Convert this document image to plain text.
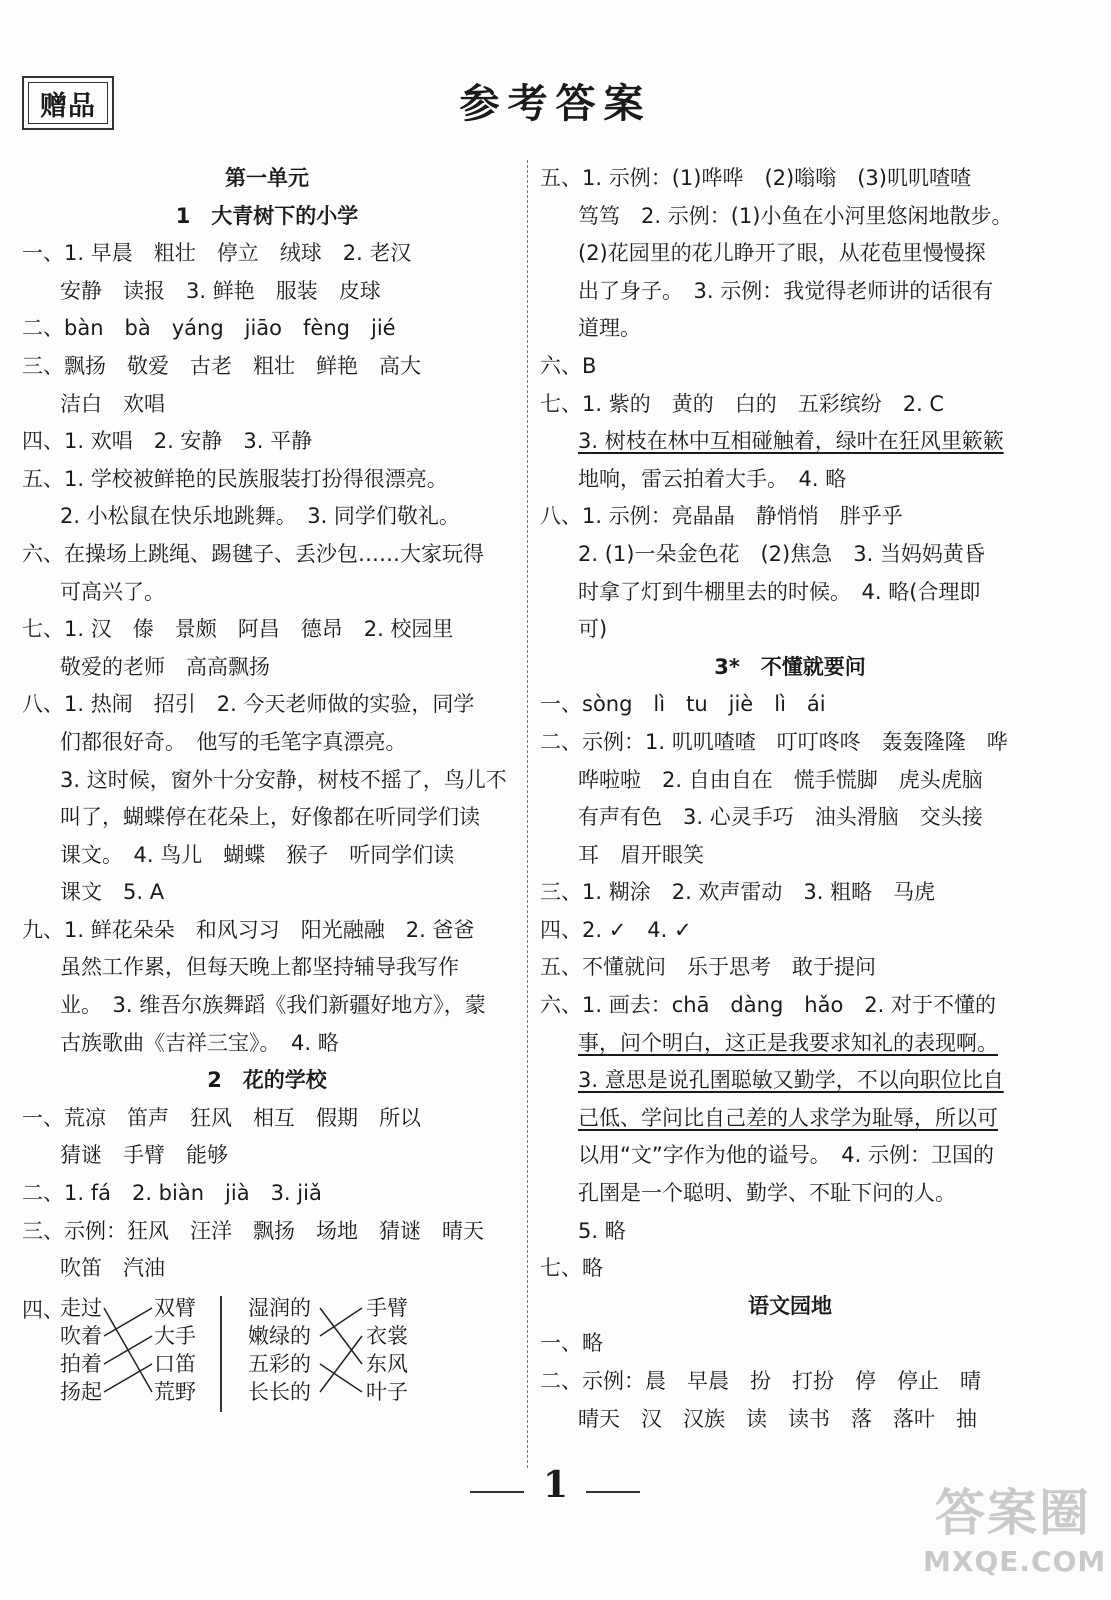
赠品	参考答案
第一单元
1　大青树下的小学
一、1. 早晨　粗壮　停立　绒球　2. 老汉
安静　读报　3. 鲜艳　服装　皮球
二、bàn　bà　yáng　jiāo　fèng　jié
三、飘扬　敬爱　古老　粗壮　鲜艳　高大
洁白　欢唱
四、1. 欢唱　2. 安静　3. 平静
五、1. 学校被鲜艳的民族服装打扮得很漂亮。
2. 小松鼠在快乐地跳舞。　3. 同学们敬礼。
六、在操场上跳绳、踢毽子、丢沙包……大家玩得
可高兴了。
七、1. 汉　傣　景颇　阿昌　德昂　2. 校园里
敬爱的老师　高高飘扬
八、1. 热闹　招引　2. 今天老师做的实验，同学
们都很好奇。　他写的毛笔字真漂亮。
3. 这时候，窗外十分安静，树枝不摇了，鸟儿不
叫了，蝴蝶停在花朵上，好像都在听同学们读
课文。　4. 鸟儿　蝴蝶　猴子　听同学们读
课文　5. A
九、1. 鲜花朵朵　和风习习　阳光融融　2. 爸爸
虽然工作累，但每天晚上都坚持辅导我写作
业。　3. 维吾尔族舞蹈《我们新疆好地方》，蒙
古族歌曲《吉祥三宝》。　4. 略
2　花的学校
一、荒凉　笛声　狂风　相互　假期　所以
猜谜　手臂　能够
二、1. fá　2. biàn　jià　3. jiǎ
三、示例：狂风　汪洋　飘扬　场地　猜谜　晴天
吹笛　汽油
四、
走过
吹着
拍着
扬起
双臂
大手
口笛
荒野
湿润的
嫩绿的
五彩的
长长的
手臂
衣裳
东风
叶子
五、1. 示例：(1)哗哗　(2)嗡嗡　(3)叽叽喳喳
笃笃　2. 示例：(1)小鱼在小河里悠闲地散步。
(2)花园里的花儿睁开了眼，从花苞里慢慢探
出了身子。　3. 示例：我觉得老师讲的话很有
道理。
六、B
七、1. 紫的　黄的　白的　五彩缤纷　2. C
3. 树枝在林中互相碰触着，绿叶在狂风里簌簌
地响，雷云拍着大手。　4. 略
八、1. 示例：亮晶晶　静悄悄　胖乎乎
2. (1)一朵金色花　(2)焦急　3. 当妈妈黄昏
时拿了灯到牛棚里去的时候。　4. 略(合理即
可)
3*　不懂就要问
一、sòng　lì　tu　jiè　lì　ái
二、示例：1. 叽叽喳喳　叮叮咚咚　轰轰隆隆　哗
哗啦啦　2. 自由自在　慌手慌脚　虎头虎脑
有声有色　3. 心灵手巧　油头滑脑　交头接
耳　眉开眼笑
三、1. 糊涂　2. 欢声雷动　3. 粗略　马虎
四、2. ✓　4. ✓
五、不懂就问　乐于思考　敢于提问
六、1. 画去：chā　dàng　hǎo　2. 对于不懂的
事，问个明白，这正是我要求知礼的表现啊。
3. 意思是说孔圉聪敏又勤学，不以向职位比自
己低、学问比自己差的人求学为耻辱，所以可
以用“文”字作为他的谥号。　4. 示例：卫国的
孔圉是一个聪明、勤学、不耻下问的人。
5. 略
七、略
语文园地
一、略
二、示例：晨　早晨　扮　打扮　停　停止　晴
晴天　汉　汉族　读　读书　落　落叶　抽
1	答案圈
MXQE.COM
